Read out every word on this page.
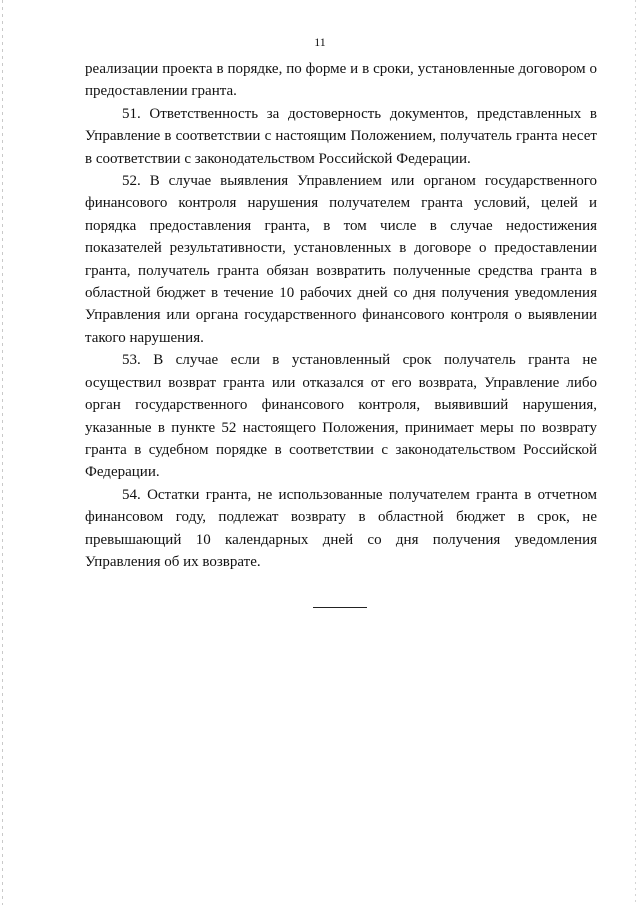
11

реализации проекта в порядке, по форме и в сроки, установленные договором о предоставлении гранта.

51. Ответственность за достоверность документов, представленных в Управление в соответствии с настоящим Положением, получатель гранта несет в соответствии с законодательством Российской Федерации.

52. В случае выявления Управлением или органом государственного финансового контроля нарушения получателем гранта условий, целей и порядка предоставления гранта, в том числе в случае недостижения показателей результативности, установленных в договоре о предоставлении гранта, получатель гранта обязан возвратить полученные средства гранта в областной бюджет в течение 10 рабочих дней со дня получения уведомления Управления или органа государственного финансового контроля о выявлении такого нарушения.

53. В случае если в установленный срок получатель гранта не осуществил возврат гранта или отказался от его возврата, Управление либо орган государственного финансового контроля, выявивший нарушения, указанные в пункте 52 настоящего Положения, принимает меры по возврату гранта в судебном порядке в соответствии с законодательством Российской Федерации.

54. Остатки гранта, не использованные получателем гранта в отчетном финансовом году, подлежат возврату в областной бюджет в срок, не превышающий 10 календарных дней со дня получения уведомления Управления об их возврате.
